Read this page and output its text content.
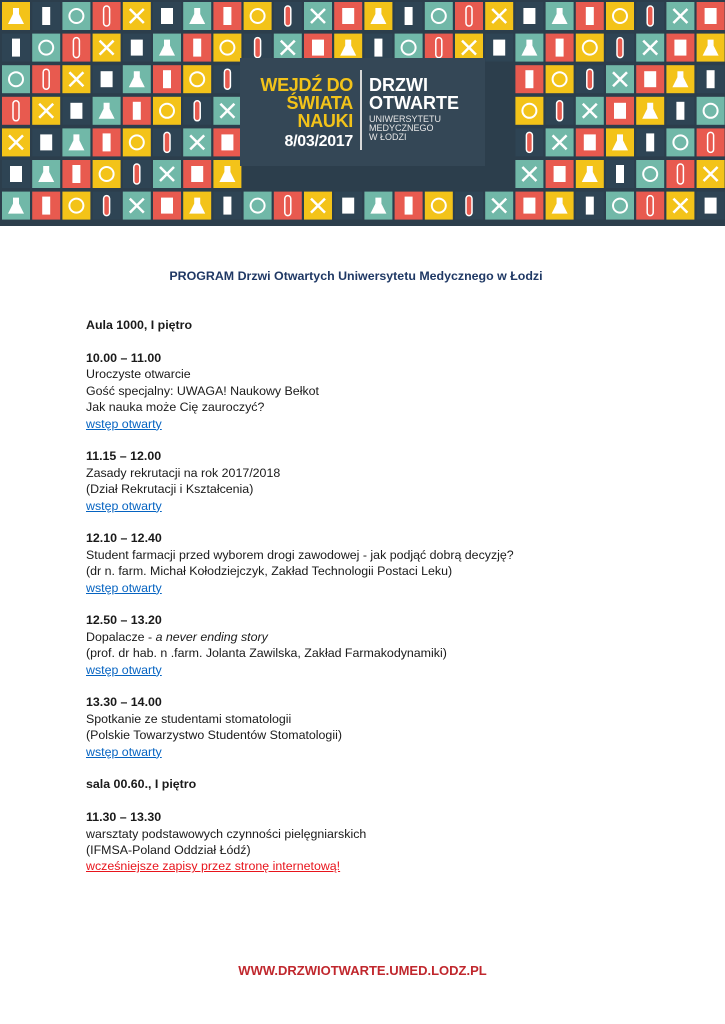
WEJDŹ DO
ŚWIATA
NAUKI
8/03/2017
DRZWI
OTWARTE
UNIWERSYTETU
MEDYCZNEGO
W ŁODZI
PROGRAM Drzwi Otwartych Uniwersytetu Medycznego w Łodzi
Aula 1000, I piętro
10.00 – 11.00
Uroczyste otwarcie
Gość specjalny: UWAGA! Naukowy Bełkot
Jak nauka może Cię zauroczyć?
wstęp otwarty
11.15 – 12.00
Zasady rekrutacji na rok 2017/2018
(Dział Rekrutacji i Kształcenia)
wstęp otwarty
12.10 – 12.40
Student farmacji przed wyborem drogi zawodowej - jak podjąć dobrą decyzję?
(dr n. farm. Michał Kołodziejczyk, Zakład Technologii Postaci Leku)
wstęp otwarty
12.50 – 13.20
Dopalacze - a never ending story
(prof. dr hab. n .farm. Jolanta Zawilska, Zakład Farmakodynamiki)
wstęp otwarty
13.30 – 14.00
Spotkanie ze studentami stomatologii
(Polskie Towarzystwo Studentów Stomatologii)
wstęp otwarty
sala 00.60., I piętro
11.30 – 13.30
warsztaty podstawowych czynności pielęgniarskich
(IFMSA-Poland Oddział Łódź)
wcześniejsze zapisy przez stronę internetową!
WWW.DRZWIOTWARTE.UMED.LODZ.PL
